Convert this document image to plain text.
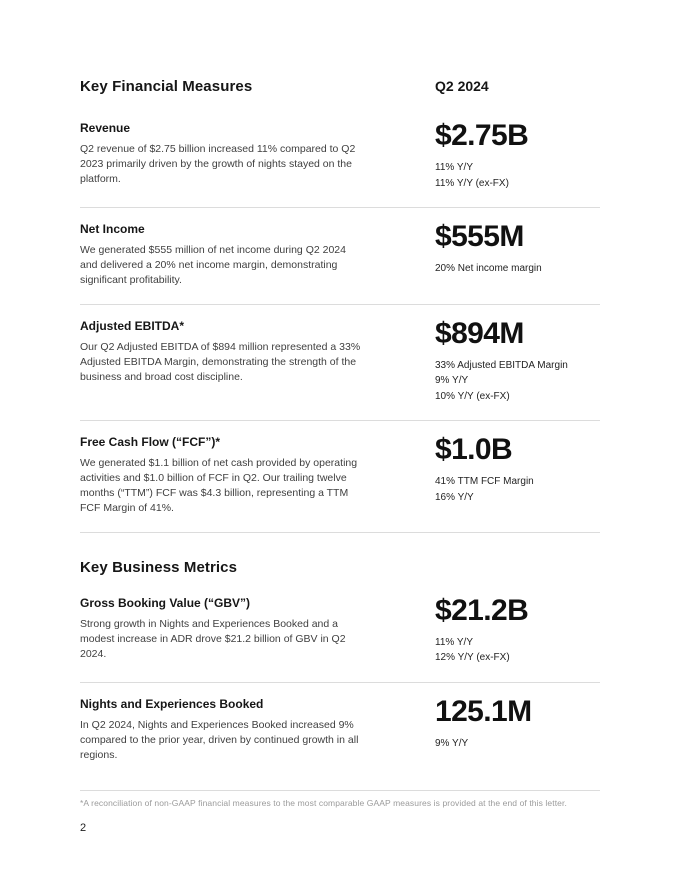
Key Financial Measures	Q2 2024
Revenue
Q2 revenue of $2.75 billion increased 11% compared to Q2 2023 primarily driven by the growth of nights stayed on the platform.
$2.75B
11% Y/Y
11% Y/Y (ex-FX)
Net Income
We generated $555 million of net income during Q2 2024 and delivered a 20% net income margin, demonstrating significant profitability.
$555M
20% Net income margin
Adjusted EBITDA*
Our Q2 Adjusted EBITDA of $894 million represented a 33% Adjusted EBITDA Margin, demonstrating the strength of the business and broad cost discipline.
$894M
33% Adjusted EBITDA Margin
9% Y/Y
10% Y/Y (ex-FX)
Free Cash Flow (“FCF”)*
We generated $1.1 billion of net cash provided by operating activities and $1.0 billion of FCF in Q2. Our trailing twelve months (“TTM”) FCF was $4.3 billion, representing a TTM FCF Margin of 41%.
$1.0B
41% TTM FCF Margin
16% Y/Y
Key Business Metrics
Gross Booking Value (“GBV”)
Strong growth in Nights and Experiences Booked and a modest increase in ADR drove $21.2 billion of GBV in Q2 2024.
$21.2B
11% Y/Y
12% Y/Y (ex-FX)
Nights and Experiences Booked
In Q2 2024, Nights and Experiences Booked increased 9% compared to the prior year, driven by continued growth in all regions.
125.1M
9% Y/Y
*A reconciliation of non-GAAP financial measures to the most comparable GAAP measures is provided at the end of this letter.
2
